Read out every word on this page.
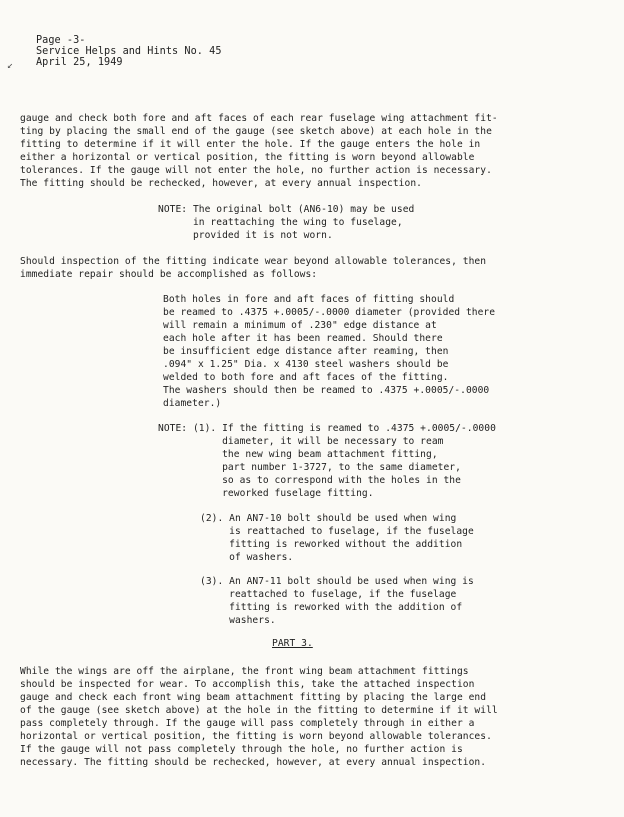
Page -3-
Service Helps and Hints No. 45
April 25, 1949
↙
gauge and check both fore and aft faces of each rear fuselage wing attachment fit-
ting by placing the small end of the gauge (see sketch above) at each hole in the
fitting to determine if it will enter the hole. If the gauge enters the hole in
either a horizontal or vertical position, the fitting is worn beyond allowable
tolerances. If the gauge will not enter the hole, no further action is necessary.
The fitting should be rechecked, however, at every annual inspection.
NOTE: The original bolt (AN6-10) may be used
in reattaching the wing to fuselage,
provided it is not worn.
Should inspection of the fitting indicate wear beyond allowable tolerances, then
immediate repair should be accomplished as follows:
Both holes in fore and aft faces of fitting should
be reamed to .4375 +.0005/-.0000 diameter (provided there
will remain a minimum of .230" edge distance at
each hole after it has been reamed. Should there
be insufficient edge distance after reaming, then
.094" x 1.25" Dia. x 4130 steel washers should be
welded to both fore and aft faces of the fitting.
The washers should then be reamed to .4375 +.0005/-.0000
diameter.)
NOTE: (1). If the fitting is reamed to .4375 +.0005/-.0000
diameter, it will be necessary to ream
the new wing beam attachment fitting,
part number 1-3727, to the same diameter,
so as to correspond with the holes in the
reworked fuselage fitting.
(2). An AN7-10 bolt should be used when wing
is reattached to fuselage, if the fuselage
fitting is reworked without the addition
of washers.
(3). An AN7-11 bolt should be used when wing is
reattached to fuselage, if the fuselage
fitting is reworked with the addition of
washers.
PART 3.
While the wings are off the airplane, the front wing beam attachment fittings
should be inspected for wear. To accomplish this, take the attached inspection
gauge and check each front wing beam attachment fitting by placing the large end
of the gauge (see sketch above) at the hole in the fitting to determine if it will
pass completely through. If the gauge will pass completely through in either a
horizontal or vertical position, the fitting is worn beyond allowable tolerances.
If the gauge will not pass completely through the hole, no further action is
necessary. The fitting should be rechecked, however, at every annual inspection.
